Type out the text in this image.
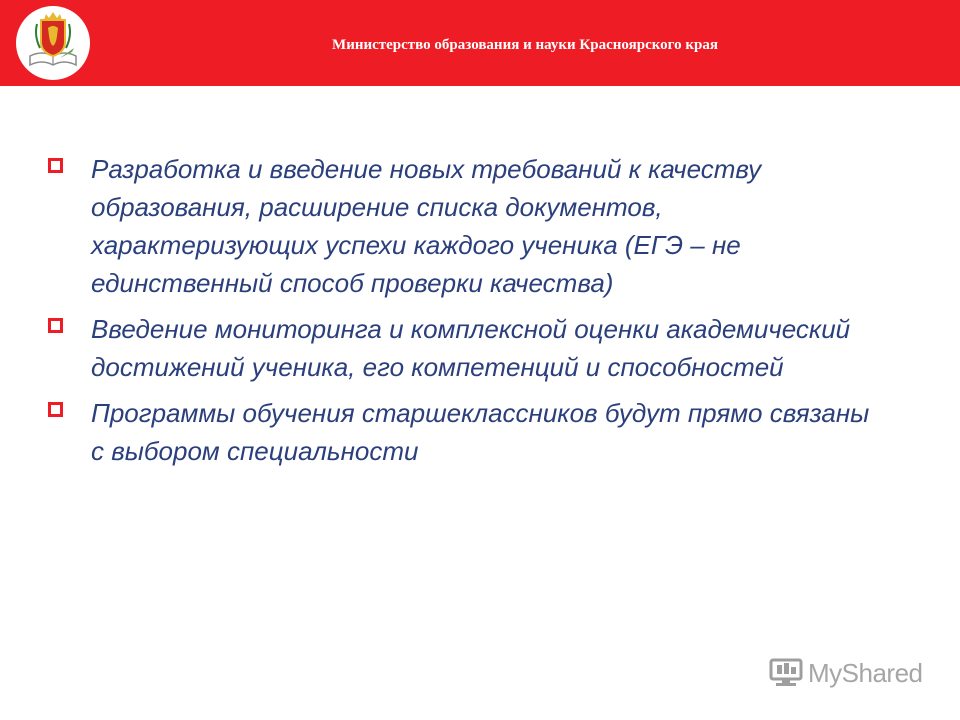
Министерство образования и науки Красноярского края
Разработка и введение новых требований к качеству образования, расширение списка документов, характеризующих успехи каждого ученика (ЕГЭ – не единственный способ проверки качества)
Введение мониторинга и комплексной оценки академический достижений ученика, его компетенций и способностей
Программы обучения старшеклассников будут прямо связаны с выбором специальности
MyShared
